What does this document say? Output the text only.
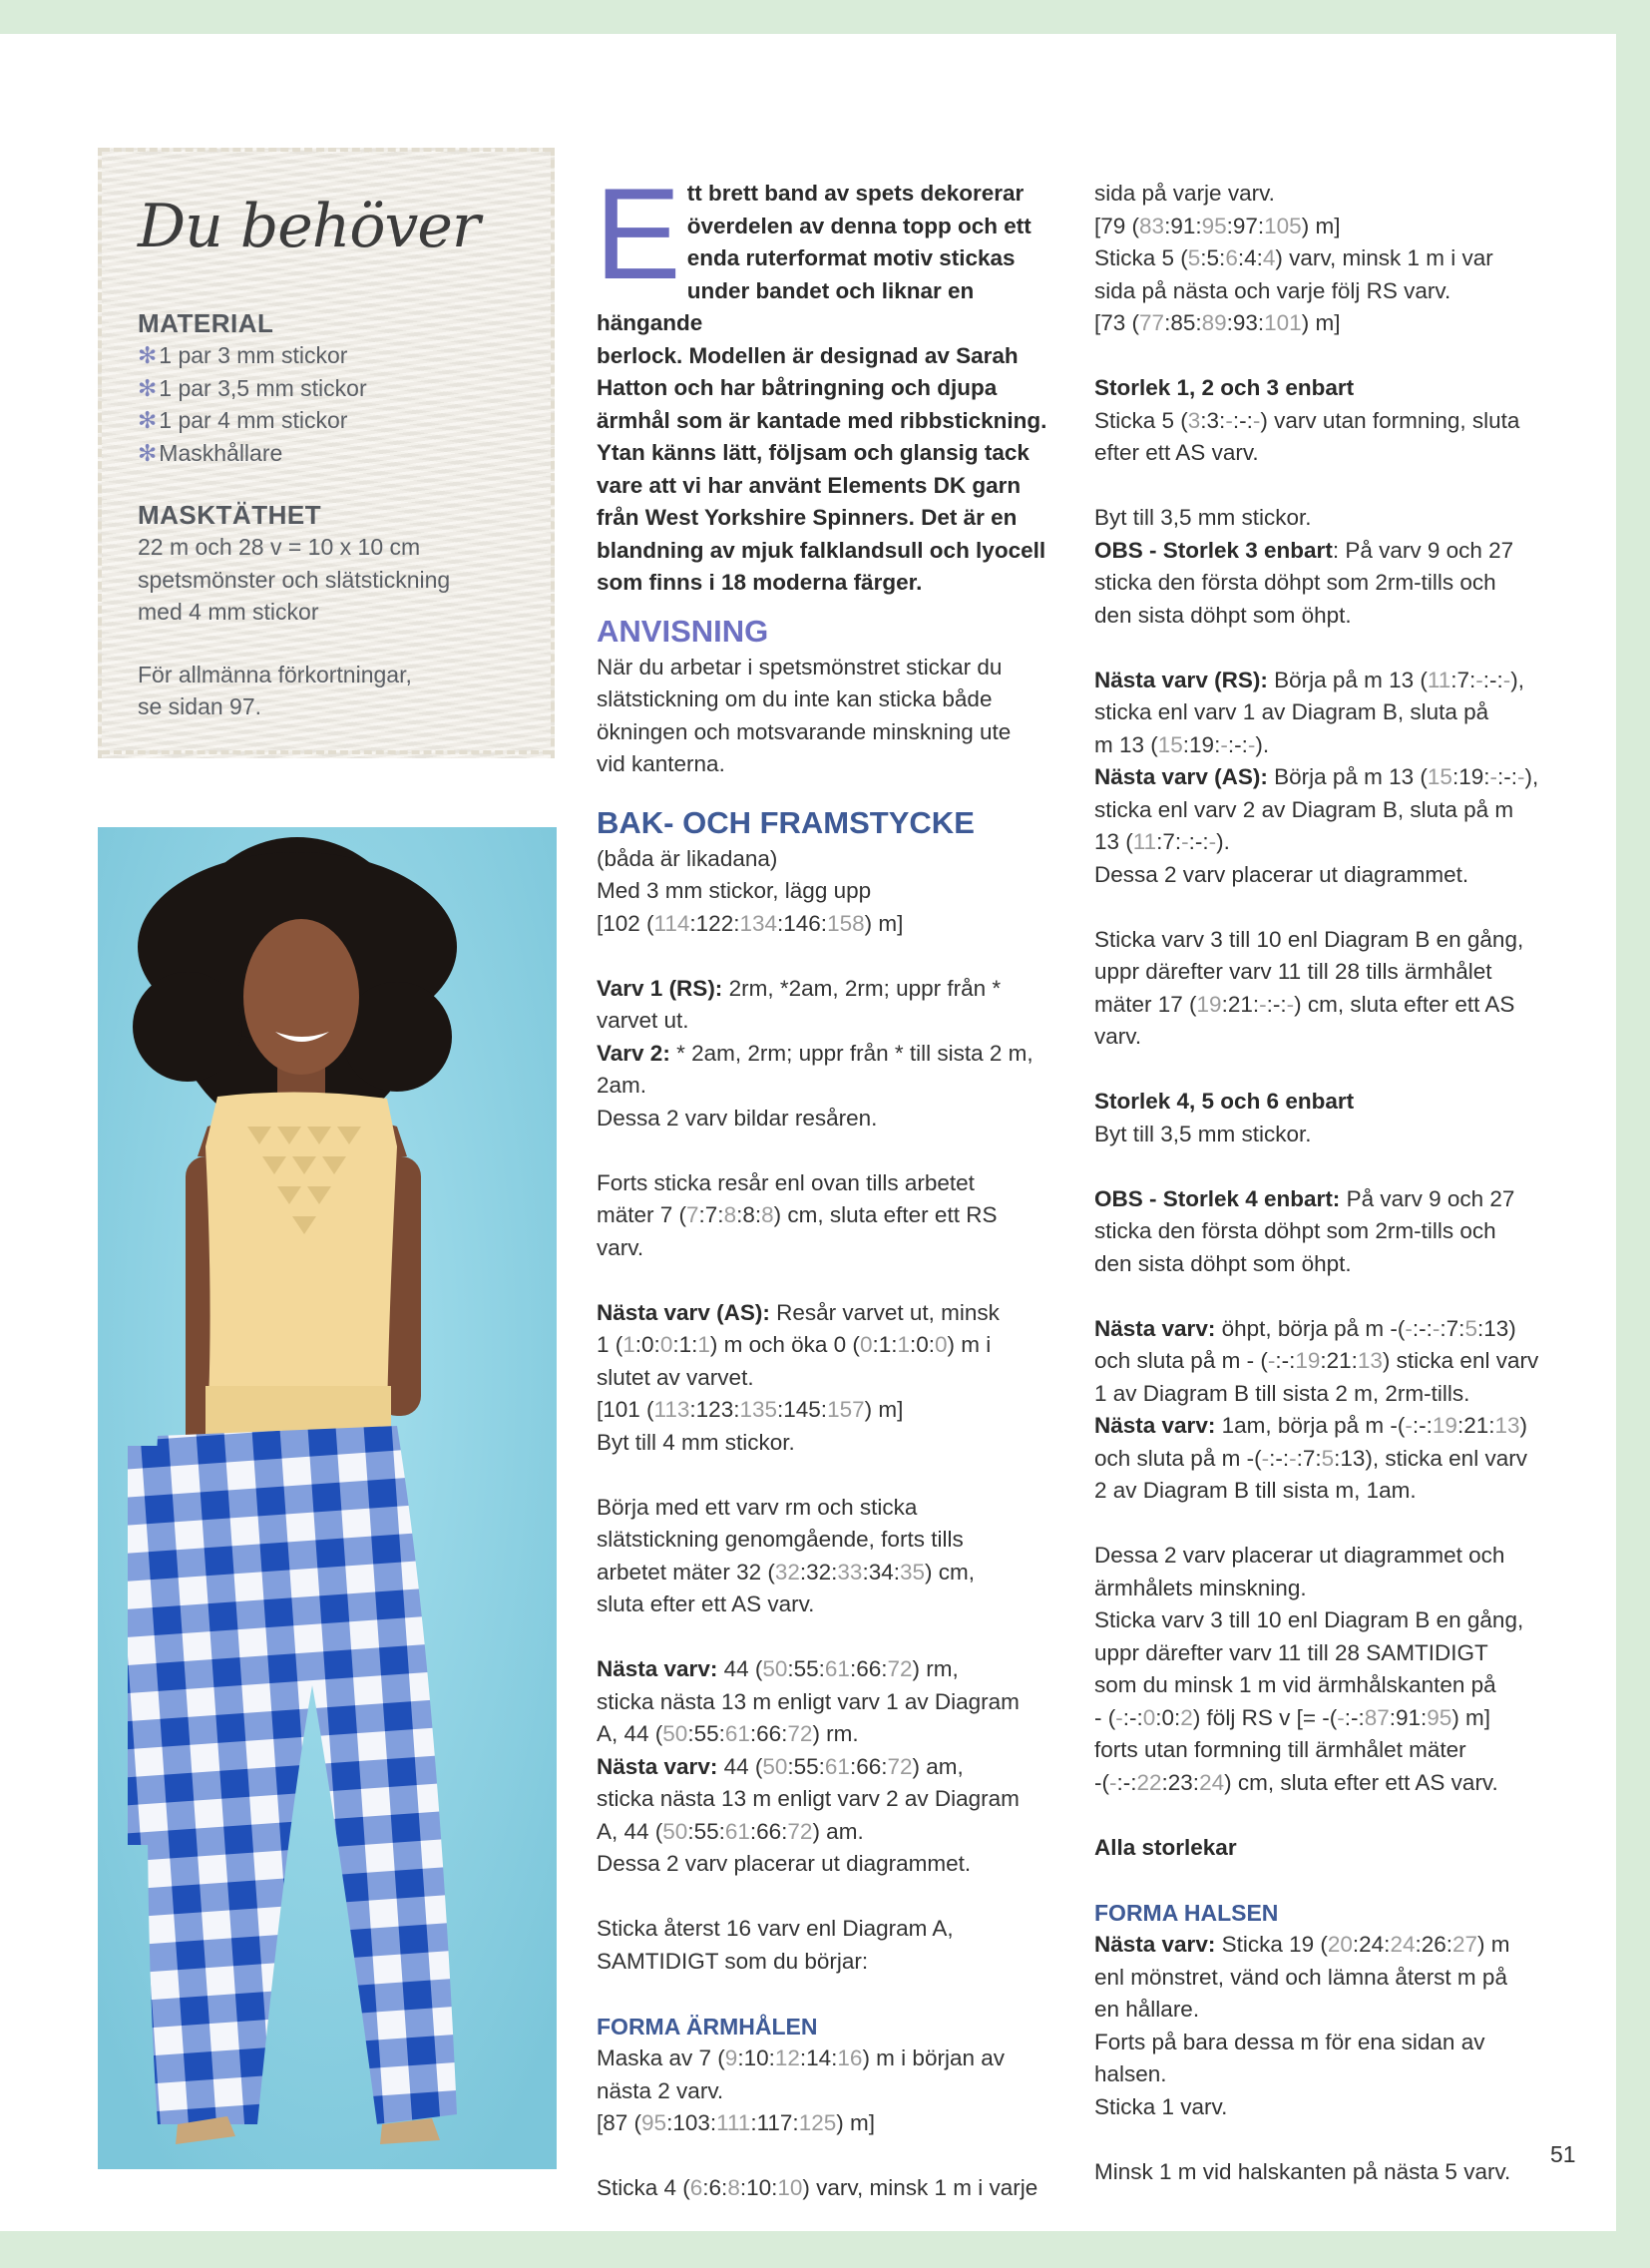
Du behöver
MATERIAL
✻1 par 3 mm stickor
✻1 par 3,5 mm stickor
✻1 par 4 mm stickor
✻Maskhållare
MASKTÄTHET
22 m och 28 v = 10 x 10 cm
spetsmönster och slätstickning
med 4 mm stickor
För allmänna förkortningar,
se sidan 97.
E tt brett band av spets dekorerar
överdelen av denna topp och ett
enda ruterformat motiv stickas
under bandet och liknar en hängande
berlock. Modellen är designad av Sarah
Hatton och har båtringning och djupa
ärmhål som är kantade med ribbstickning.
Ytan känns lätt, följsam och glansig tack
vare att vi har använt Elements DK garn
från West Yorkshire Spinners. Det är en
blandning av mjuk falklandsull och lyocell
som finns i 18 moderna färger.
ANVISNING

När du arbetar i spetsmönstret stickar du

slätstickning om du inte kan sticka både

ökningen och motsvarande minskning ute

vid kanterna.

BAK- OCH FRAMSTYCKE

(båda är likadana)

Med 3 mm stickor, lägg upp

[102 (114:122:134:146:158) m]

Varv 1 (RS): 2rm, *2am, 2rm; uppr från *

varvet ut.

Varv 2: * 2am, 2rm; uppr från * till sista 2 m,

2am.

Dessa 2 varv bildar resåren.

Forts sticka resår enl ovan tills arbetet

mäter 7 (7:7:8:8:8) cm, sluta efter ett RS

varv.

Nästa varv (AS): Resår varvet ut, minsk

1 (1:0:0:1:1) m och öka 0 (0:1:1:0:0) m i

slutet av varvet.

[101 (113:123:135:145:157) m]

Byt till 4 mm stickor.

Börja med ett varv rm och sticka

slätstickning genomgående, forts tills

arbetet mäter 32 (32:32:33:34:35) cm,

sluta efter ett AS varv.

Nästa varv: 44 (50:55:61:66:72) rm,

sticka nästa 13 m enligt varv 1 av Diagram

A, 44 (50:55:61:66:72) rm.

Nästa varv: 44 (50:55:61:66:72) am,

sticka nästa 13 m enligt varv 2 av Diagram

A, 44 (50:55:61:66:72) am.

Dessa 2 varv placerar ut diagrammet.

Sticka återst 16 varv enl Diagram A,

SAMTIDIGT som du börjar:

FORMA ÄRMHÅLEN

Maska av 7 (9:10:12:14:16) m i början av

nästa 2 varv.

[87 (95:103:111:117:125) m]

Sticka 4 (6:6:8:10:10) varv, minsk 1 m i varje

sida på varje varv.

[79 (83:91:95:97:105) m]

Sticka 5 (5:5:6:4:4) varv, minsk 1 m i var

sida på nästa och varje följ RS varv.

[73 (77:85:89:93:101) m]

Storlek 1, 2 och 3 enbart

Sticka 5 (3:3:-:-:-) varv utan formning, sluta

efter ett AS varv.

Byt till 3,5 mm stickor.

OBS - Storlek 3 enbart: På varv 9 och 27

sticka den första döhpt som 2rm-tills och

den sista döhpt som öhpt.

Nästa varv (RS): Börja på m 13 (11:7:-:-:-),

sticka enl varv 1 av Diagram B, sluta på

m 13 (15:19:-:-:-).

Nästa varv (AS): Börja på m 13 (15:19:-:-:-),

sticka enl varv 2 av Diagram B, sluta på m

13 (11:7:-:-:-).

Dessa 2 varv placerar ut diagrammet.

Sticka varv 3 till 10 enl Diagram B en gång,

uppr därefter varv 11 till 28 tills ärmhålet

mäter 17 (19:21:-:-:-) cm, sluta efter ett AS

varv.

Storlek 4, 5 och 6 enbart

Byt till 3,5 mm stickor.

OBS - Storlek 4 enbart: På varv 9 och 27

sticka den första döhpt som 2rm-tills och

den sista döhpt som öhpt.

Nästa varv: öhpt, börja på m -(-:-:-:7:5:13)

och sluta på m - (-:-:19:21:13) sticka enl varv

1 av Diagram B till sista 2 m, 2rm-tills.

Nästa varv: 1am, börja på m -(-:-:19:21:13)

och sluta på m -(-:-:-:7:5:13), sticka enl varv

2 av Diagram B till sista m, 1am.

Dessa 2 varv placerar ut diagrammet och

ärmhålets minskning.

Sticka varv 3 till 10 enl Diagram B en gång,

uppr därefter varv 11 till 28 SAMTIDIGT

som du minsk 1 m vid ärmhålskanten på

- (-:-:0:0:2) följ RS v [= -(-:-:87:91:95) m]

forts utan formning till ärmhålet mäter

-(-:-:22:23:24) cm, sluta efter ett AS varv.

Alla storlekar

FORMA HALSEN

Nästa varv: Sticka 19 (20:24:24:26:27) m

enl mönstret, vänd och lämna återst m på

en hållare.

Forts på bara dessa m för ena sidan av

halsen.

Sticka 1 varv.

Minsk 1 m vid halskanten på nästa 5 varv.

51
